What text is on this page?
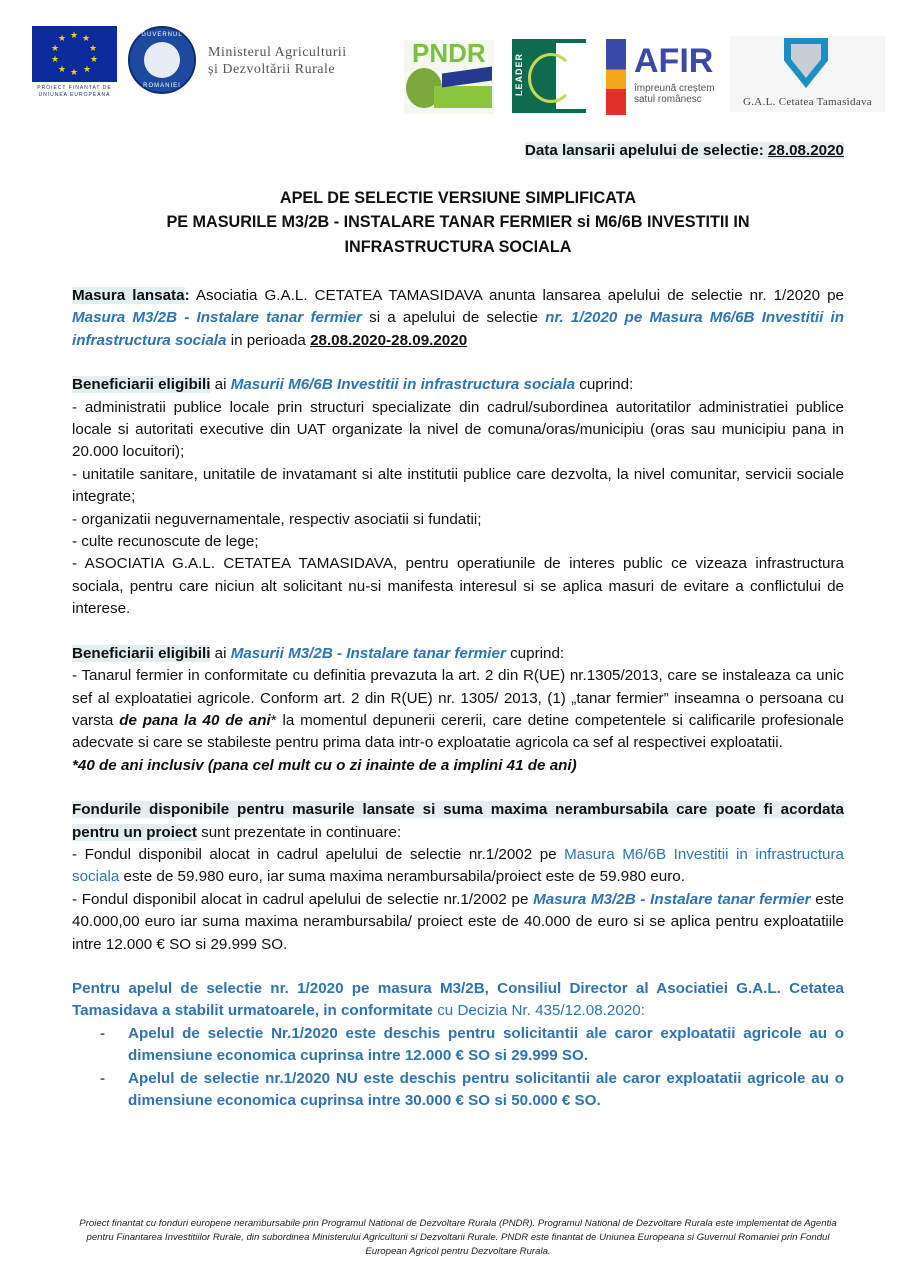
★ ★
★
★
★
★
★
★
★
★
PROIECT FINANTAT DE UNIUNEA EUROPEANA
GUVERNUL
ROMANIEI
Ministerul Agriculturii
și Dezvoltării Rurale
PNDR	LEADER	AFIR
împreună creștem
satul românesc	G.A.L. Cetatea Tamasidava
Data lansarii apelului de selectie: 28.08.2020
APEL DE SELECTIE VERSIUNE SIMPLIFICATA
PE MASURILE M3/2B - INSTALARE TANAR FERMIER si M6/6B INVESTITII IN
INFRASTRUCTURA SOCIALA

Masura lansata: Asociatia G.A.L. CETATEA TAMASIDAVA anunta lansarea apelului de selectie nr. 1/2020 pe Masura M3/2B - Instalare tanar fermier si a apelului de selectie nr. 1/2020 pe Masura M6/6B Investitii in infrastructura sociala in perioada 28.08.2020-28.09.2020

Beneficiarii eligibili ai Masurii M6/6B Investitii in infrastructura sociala cuprind:

- administratii publice locale prin structuri specializate din cadrul/subordinea autoritatilor administratiei publice locale si autoritati executive din UAT organizate la nivel de comuna/oras/municipiu (oras sau municipiu pana in 20.000 locuitori);

- unitatile sanitare, unitatile de invatamant si alte institutii publice care dezvolta, la nivel comunitar, servicii sociale integrate;

- organizatii neguvernamentale, respectiv asociatii si fundatii;

- culte recunoscute de lege;

- ASOCIATIA G.A.L. CETATEA TAMASIDAVA, pentru operatiunile de interes public ce vizeaza infrastructura sociala, pentru care niciun alt solicitant nu-si manifesta interesul si se aplica masuri de evitare a conflictului de interese.

Beneficiarii eligibili ai Masurii M3/2B - Instalare tanar fermier cuprind:

- Tanarul fermier in conformitate cu definitia prevazuta la art. 2 din R(UE) nr.1305/2013, care se instaleaza ca unic sef al exploatatiei agricole. Conform art. 2 din R(UE) nr. 1305/ 2013, (1) „tanar fermier” inseamna o persoana cu varsta de pana la 40 de ani* la momentul depunerii cererii, care detine competentele si calificarile profesionale adecvate si care se stabileste pentru prima data intr-o exploatatie agricola ca sef al respectivei exploatatii.

*40 de ani inclusiv (pana cel mult cu o zi inainte de a implini 41 de ani)

Fondurile disponibile pentru masurile lansate si suma maxima nerambursabila care poate fi acordata pentru un proiect sunt prezentate in continuare:

- Fondul disponibil alocat in cadrul apelului de selectie nr.1/2002 pe Masura M6/6B Investitii in infrastructura sociala este de 59.980 euro, iar suma maxima nerambursabila/proiect este de 59.980 euro.

- Fondul disponibil alocat in cadrul apelului de selectie nr.1/2002 pe Masura M3/2B - Instalare tanar fermier este 40.000,00 euro iar suma maxima nerambursabila/ proiect este de 40.000 de euro si se aplica pentru exploatatiile intre 12.000 € SO si 29.999 SO.

Pentru apelul de selectie nr. 1/2020 pe masura M3/2B, Consiliul Director al Asociatiei G.A.L. Cetatea Tamasidava a stabilit urmatoarele, in conformitate cu Decizia Nr. 435/12.08.2020:

- Apelul de selectie Nr.1/2020 este deschis pentru solicitantii ale caror exploatatii agricole au o dimensiune economica cuprinsa intre 12.000 € SO si 29.999 SO.
- Apelul de selectie nr.1/2020 NU este deschis pentru solicitantii ale caror exploatatii agricole au o dimensiune economica cuprinsa intre 30.000 € SO si 50.000 € SO.
Proiect finantat cu fonduri europene nerambursabile prin Programul National de Dezvoltare Rurala (PNDR). Programul National de Dezvoltare Rurala este implementat de Agentia pentru Finantarea Investitiilor Rurale, din subordinea Ministerului Agriculturii si Dezvoltarii Rurale. PNDR este finantat de Uniunea Europeana si Guvernul Romaniei prin Fondul European Agricol pentru Dezvoltare Rurala.
